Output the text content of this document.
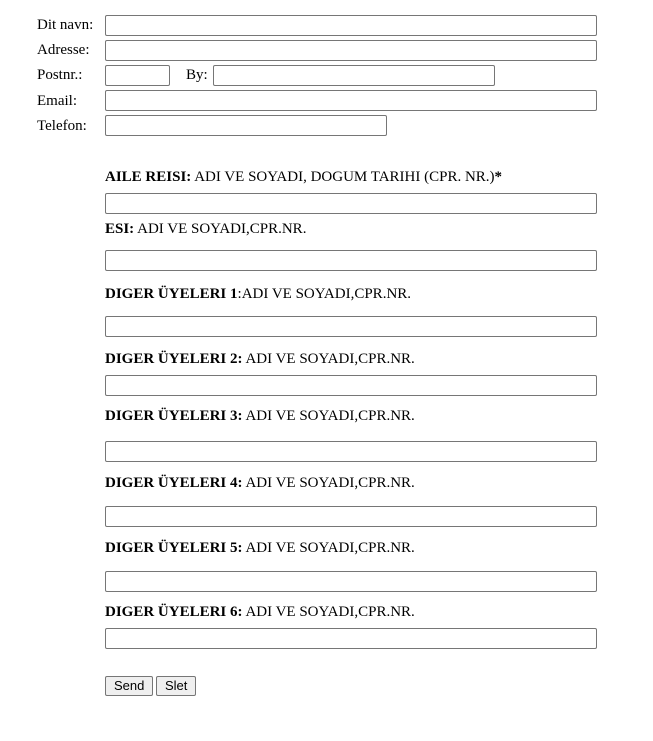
Dit navn:
Adresse:
Postnr.:	By:
Email:
Telefon:
AILE REISI: ADI VE SOYADI, DOGUM TARIHI (CPR. NR.)*
ESI: ADI VE SOYADI,CPR.NR.
DIGER ÜYELERI 1:ADI VE SOYADI,CPR.NR.
DIGER ÜYELERI 2: ADI VE SOYADI,CPR.NR.
DIGER ÜYELERI 3: ADI VE SOYADI,CPR.NR.
DIGER ÜYELERI 4: ADI VE SOYADI,CPR.NR.
DIGER ÜYELERI 5: ADI VE SOYADI,CPR.NR.
DIGER ÜYELERI 6: ADI VE SOYADI,CPR.NR.
Send	Slet
